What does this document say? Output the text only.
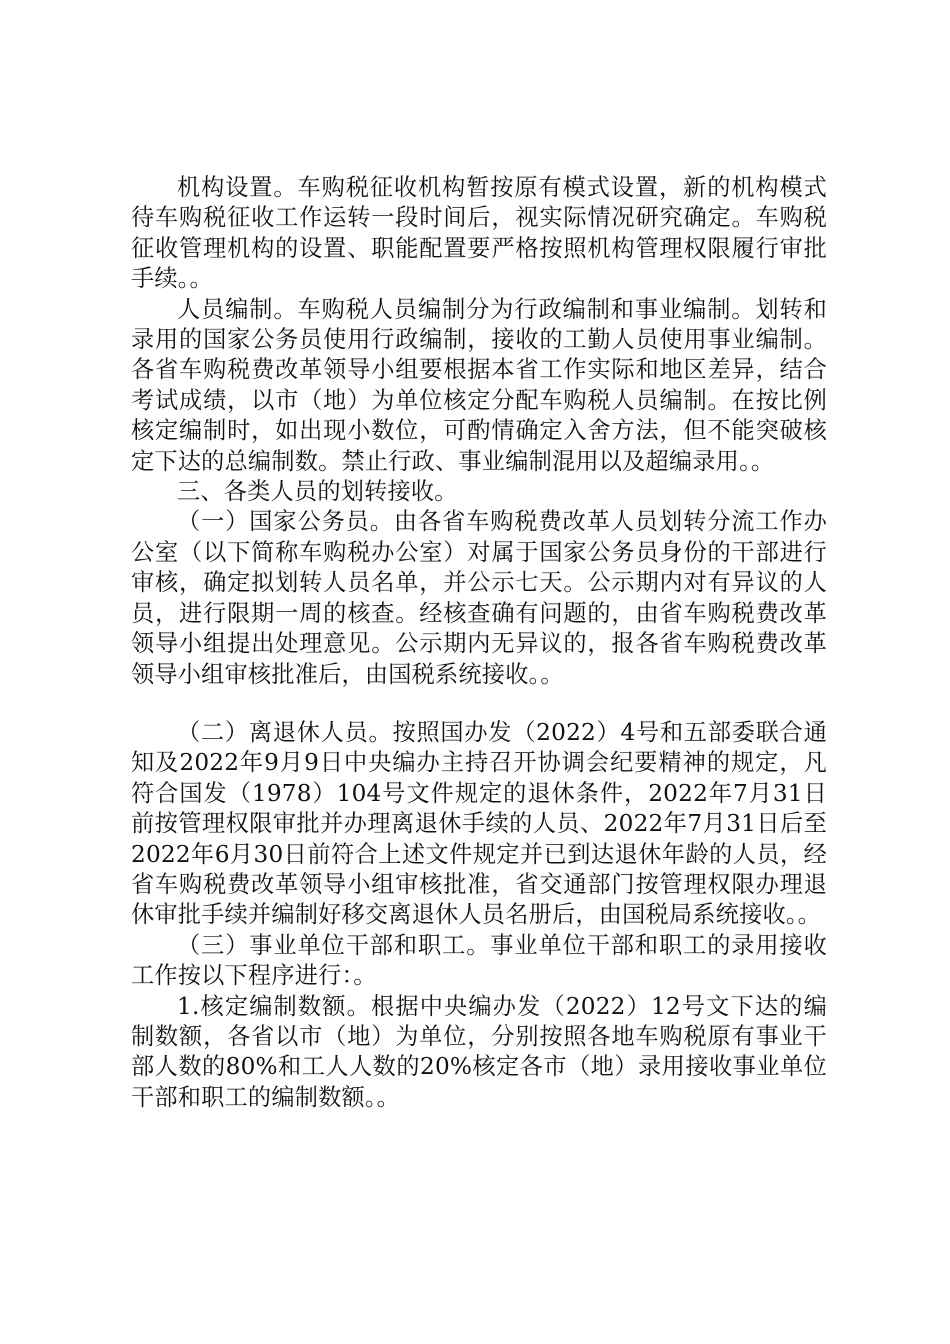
机构设置。车购税征收机构暂按原有模式设置，新的机构模式待车购税征收工作运转一段时间后，视实际情况研究确定。车购税征收管理机构的设置、职能配置要严格按照机构管理权限履行审批手续。。

人员编制。车购税人员编制分为行政编制和事业编制。划转和录用的国家公务员使用行政编制，接收的工勤人员使用事业编制。各省车购税费改革领导小组要根据本省工作实际和地区差异，结合考试成绩，以市（地）为单位核定分配车购税人员编制。在按比例核定编制时，如出现小数位，可酌情确定入舍方法，但不能突破核定下达的总编制数。禁止行政、事业编制混用以及超编录用。。

三、各类人员的划转接收。

（一）国家公务员。由各省车购税费改革人员划转分流工作办公室（以下简称车购税办公室）对属于国家公务员身份的干部进行审核，确定拟划转人员名单，并公示七天。公示期内对有异议的人员，进行限期一周的核查。经核查确有问题的，由省车购税费改革领导小组提出处理意见。公示期内无异议的，报各省车购税费改革领导小组审核批准后，由国税系统接收。。

（二）离退休人员。按照国办发（2022）4号和五部委联合通知及2022年9月9日中央编办主持召开协调会纪要精神的规定，凡符合国发（1978）104号文件规定的退休条件，2022年7月31日前按管理权限审批并办理离退休手续的人员、2022年7月31日后至2022年6月30日前符合上述文件规定并已到达退休年龄的人员，经省车购税费改革领导小组审核批准，省交通部门按管理权限办理退休审批手续并编制好移交离退休人员名册后，由国税局系统接收。。

（三）事业单位干部和职工。事业单位干部和职工的录用接收工作按以下程序进行：。

1.核定编制数额。根据中央编办发（2022）12号文下达的编制数额，各省以市（地）为单位，分别按照各地车购税原有事业干部人数的80%和工人人数的20%核定各市（地）录用接收事业单位干部和职工的编制数额。。
